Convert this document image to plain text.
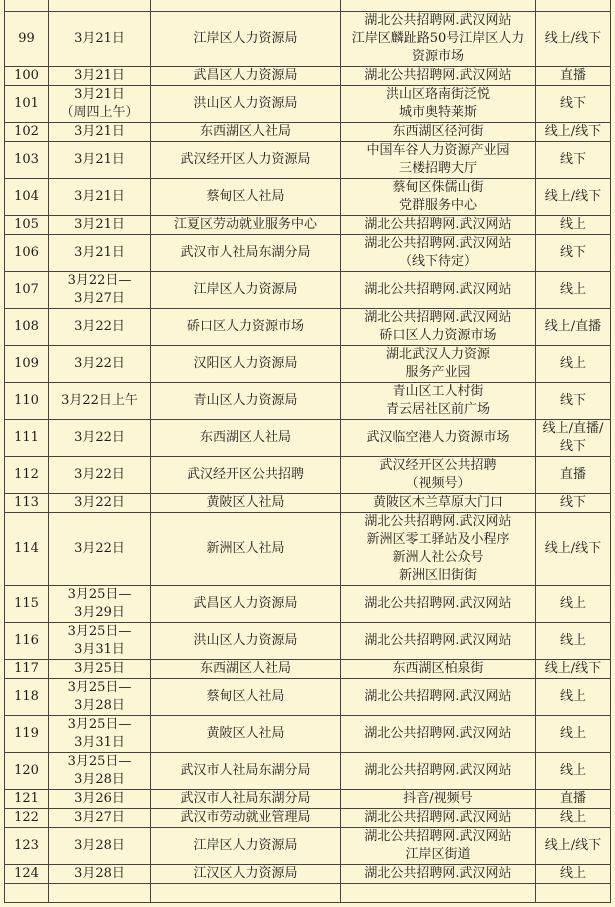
99	3月21日	江岸区人力资源局	湖北公共招聘网.武汉网站
江岸区麟趾路50号江岸区人力
资源市场	线上/线下

100	3月21日	武昌区人力资源局	湖北公共招聘网.武汉网站	直播

101	3月21日
（周四上午）	洪山区人力资源局	洪山区珞南街泛悦
城市奥特莱斯	线下

102	3月21日	东西湖区人社局	东西湖区径河街	线上/线下

103	3月21日	武汉经开区人力资源局	中国车谷人力资源产业园
三楼招聘大厅	线下

104	3月21日	蔡甸区人社局	蔡甸区侏儒山街
党群服务中心	线上/线下

105	3月21日	江夏区劳动就业服务中心	湖北公共招聘网.武汉网站	线上

106	3月21日	武汉市人社局东湖分局	湖北公共招聘网.武汉网站
（线下待定）	线下

107	3月22日—
3月27日	江岸区人力资源局	湖北公共招聘网.武汉网站	线上

108	3月22日	硚口区人力资源市场	湖北公共招聘网.武汉网站
硚口区人力资源市场	线上/直播

109	3月22日	汉阳区人力资源局	湖北武汉人力资源
服务产业园	线上

110	3月22日上午	青山区人力资源局	青山区工人村街
青云居社区前广场	线下

111	3月22日	东西湖区人社局	武汉临空港人力资源市场	线上/直播/
线下

112	3月22日	武汉经开区公共招聘	武汉经开区公共招聘
（视频号）	直播

113	3月22日	黄陂区人社局	黄陂区木兰草原大门口	线下

114	3月22日	新洲区人社局	湖北公共招聘网.武汉网站
新洲区零工驿站及小程序
新洲人社公众号
新洲区旧街街	线上/线下

115	3月25日—
3月29日	武昌区人力资源局	湖北公共招聘网.武汉网站	线上

116	3月25日—
3月31日	洪山区人力资源局	湖北公共招聘网.武汉网站	线上

117	3月25日	东西湖区人社局	东西湖区柏泉街	线上/线下

118	3月25日—
3月28日	蔡甸区人社局	湖北公共招聘网.武汉网站	线上

119	3月25日—
3月31日	黄陂区人社局	湖北公共招聘网.武汉网站	线上

120	3月25日—
3月28日	武汉市人社局东湖分局	湖北公共招聘网.武汉网站	线上

121	3月26日	武汉市人社局东湖分局	抖音/视频号	直播

122	3月27日	武汉市劳动就业管理局	湖北公共招聘网.武汉网站	线上

123	3月28日	江岸区人力资源局	湖北公共招聘网.武汉网站
江岸区街道	线上/线下

124	3月28日	江汉区人力资源局	湖北公共招聘网.武汉网站	线上
